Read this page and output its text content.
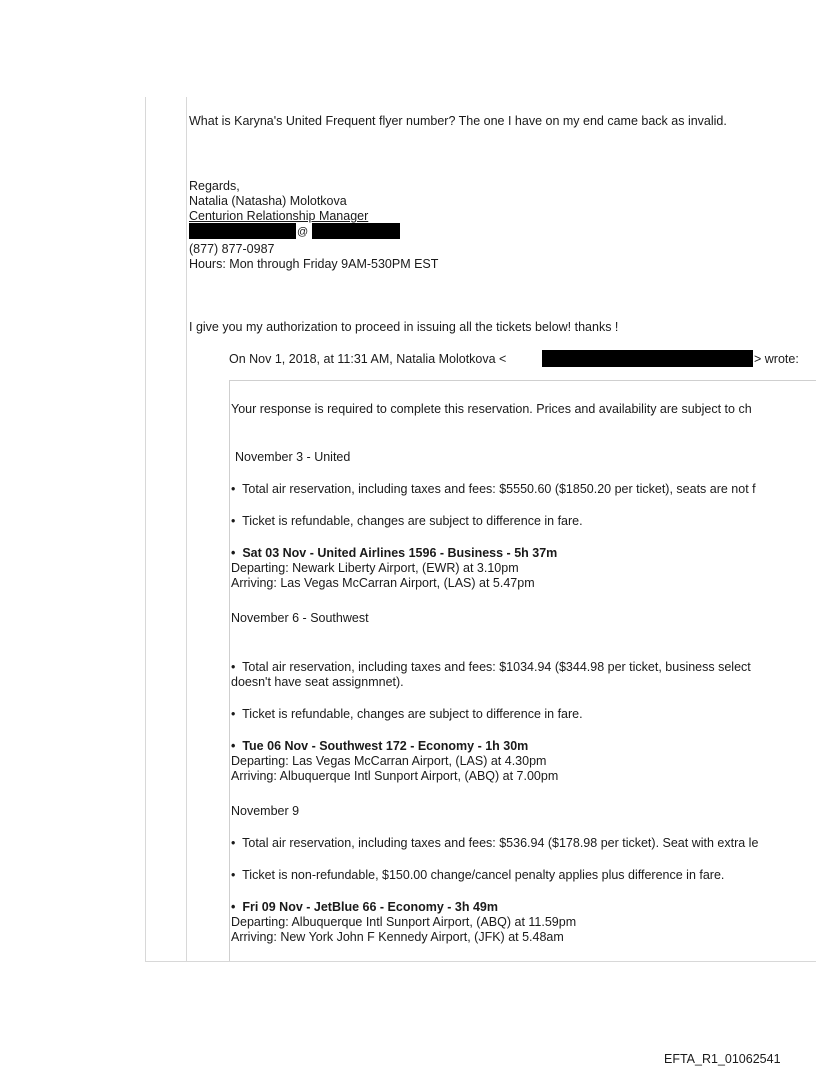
What is Karyna's United Frequent flyer number? The one I have on my end came back as invalid.
Regards,
Natalia (Natasha) Molotkova
Centurion Relationship Manager
@
(877) 877-0987
Hours: Mon through Friday 9AM-530PM EST
I give you my authorization to proceed in issuing all the tickets below! thanks !
On Nov 1, 2018, at 11:31 AM, Natalia Molotkova <	> wrote:
Your response is required to complete this reservation. Prices and availability are subject to ch
November 3 - United
• Total air reservation, including taxes and fees: $5550.60 ($1850.20 per ticket), seats are not f
• Ticket is refundable, changes are subject to difference in fare.
• Sat 03 Nov - United Airlines 1596 - Business - 5h 37m
Departing: Newark Liberty Airport, (EWR) at 3.10pm
Arriving: Las Vegas McCarran Airport, (LAS) at 5.47pm
November 6 - Southwest
• Total air reservation, including taxes and fees: $1034.94 ($344.98 per ticket, business select
doesn't have seat assignmnet).
• Ticket is refundable, changes are subject to difference in fare.
• Tue 06 Nov - Southwest 172 - Economy - 1h 30m
Departing: Las Vegas McCarran Airport, (LAS) at 4.30pm
Arriving: Albuquerque Intl Sunport Airport, (ABQ) at 7.00pm
November 9
• Total air reservation, including taxes and fees: $536.94 ($178.98 per ticket). Seat with extra le
• Ticket is non-refundable, $150.00 change/cancel penalty applies plus difference in fare.
• Fri 09 Nov - JetBlue 66 - Economy - 3h 49m
Departing: Albuquerque Intl Sunport Airport, (ABQ) at 11.59pm
Arriving: New York John F Kennedy Airport, (JFK) at 5.48am
EFTA_R1_01062541
